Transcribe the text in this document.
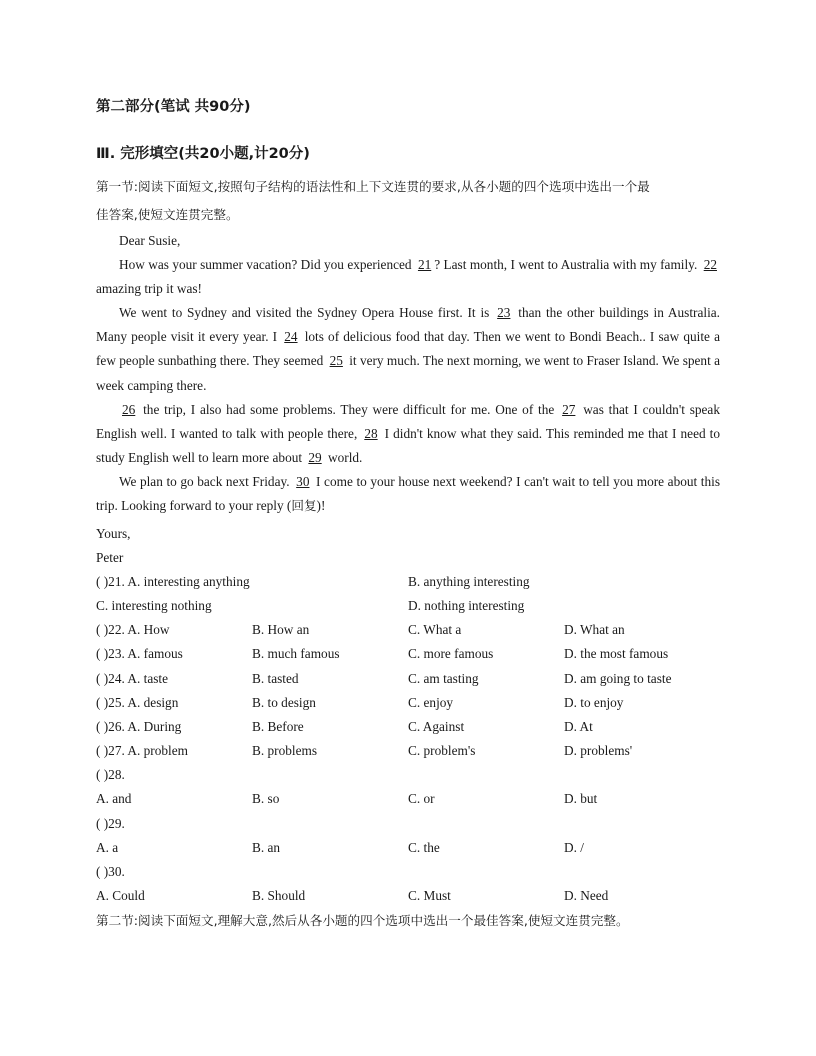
第二部分(笔试 共90分)
Ⅲ. 完形填空(共20小题,计20分)
第一节:阅读下面短文,按照句子结构的语法性和上下文连贯的要求,从各小题的四个选项中选出一个最
佳答案,使短文连贯完整。
Dear Susie,
How was your summer vacation? Did you experienced 21 ? Last month, I went to Australia with my family. 22 amazing trip it was!
We went to Sydney and visited the Sydney Opera House first. It is 23 than the other buildings in Australia. Many people visit it every year. I 24 lots of delicious food that day. Then we went to Bondi Beach.. I saw quite a few people sunbathing there. They seemed 25 it very much. The next morning, we went to Fraser Island. We spent a week camping there.
26 the trip, I also had some problems. They were difficult for me. One of the 27 was that I couldn't speak English well. I wanted to talk with people there, 28 I didn't know what they said. This reminded me that I need to study English well to learn more about 29 world.
We plan to go back next Friday. 30 I come to your house next weekend? I can't wait to tell you more about this trip. Looking forward to your reply (回复)!
Yours,
Peter
( )21. A. interesting anything	B. anything interesting
C. interesting nothing	D. nothing interesting
( )22. A. How	B. How an	C. What a	D. What an
( )23. A. famous	B. much famous	C. more famous	D. the most famous
( )24. A. taste	B. tasted	C. am tasting	D. am going to taste
( )25. A. design	B. to design	C. enjoy	D. to enjoy
( )26. A. During	B. Before	C. Against	D. At
( )27. A. problem	B. problems	C. problem's	D. problems'
( )28.
A. and	B. so	C. or	D. but
( )29.
A. a	B. an	C. the	D. /
( )30.
A. Could	B. Should	C. Must	D. Need
第二节:阅读下面短文,理解大意,然后从各小题的四个选项中选出一个最佳答案,使短文连贯完整。
